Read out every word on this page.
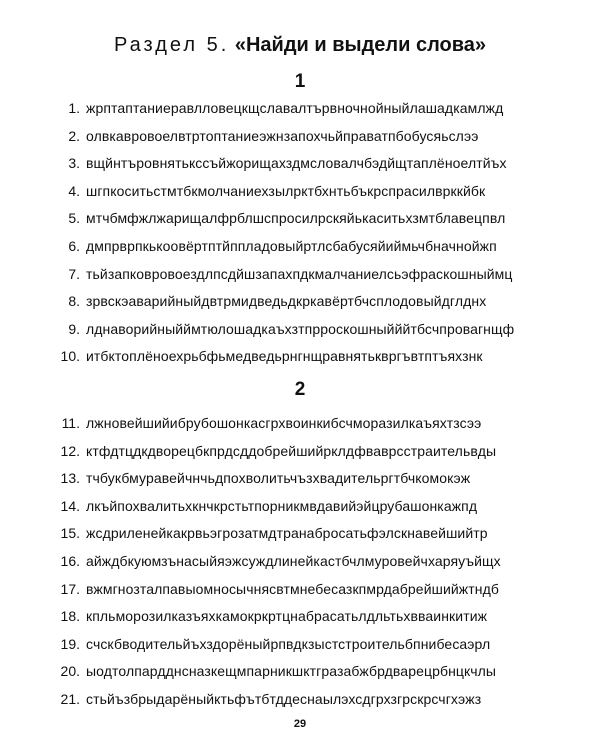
Раздел 5. «Найди и выдели слова»
1
1. жрптаптаниеравлловецкщславалтървночнойныйлашадкамлжд
2. олвкавровоелвтртоптаниеэжнзапохчьйправатпбобусяьслээ
3. вщйнтъровнятькcсъйжорищахздмсловалчбэдйщтаплёноелтйъх
4. шгпкоситьстмтбкмолчаниехзылрктбхнтьбъкрспрасилврккйбк
5. мтчбмфжлжарищалфрблшспросилрскяйькаситьхзмтблавецпвл
6. дмпрврпкькоовёртптйппладовыйртлсбабусяйиймьчбначнойжп
7. тьйзапковровоездлпсдйшзапахпдкмалчаниелсьэфраскошныймц
8. зрвскэаварийныйдвтрмидведьдкркавёртбчсплодовыйдглднх
9. лднаворийныйймтюлошадкаъхзтпрроскошныйййтбсчпровагнщф
10. итбктоплёноехрьбфьмедведьрнгнщравнятьквргъвтптъяхзнк
2
11. лжновейшийибрубошонкасгрхвоинкибсчморазилкаъяхтзсээ
12. ктфдтцдкдворецбкпрдсддобрейшийрклдфваврсстраительвды
13. тчбукбмуравейчнчьдпохволитьчъзхвадительргтбчкомокэж
14. лкъйпохвалитьхкнчкрстьтпорникмвдавийэйцрубашонкажпд
15. жсдриленейкакрвьэгрозатмдтранабросатьфэлскнавейшийтр
16. айждбкуюмзънасыйяэжсуждлинейкастбчлмуровейчхаряуъйщх
17. вжмгнозталпавыомносычнясвтмнебесазкпмрдабрейшийжтндб
18. кпльморозилказъяхкамокркртцнабрасатьлдльтьхвваинкитиж
19. счскбводительйъхздорёныйрпвдкзыстстроительбпнибесаэрл
20. ыодтолпардднсназкещмпарникшктгразабжбрдварецрбнцкчлы
21. стьйъзбрыдарёныйктьфътбтддеснаылэхсдгрхзгрскрсчгхэжз
29
